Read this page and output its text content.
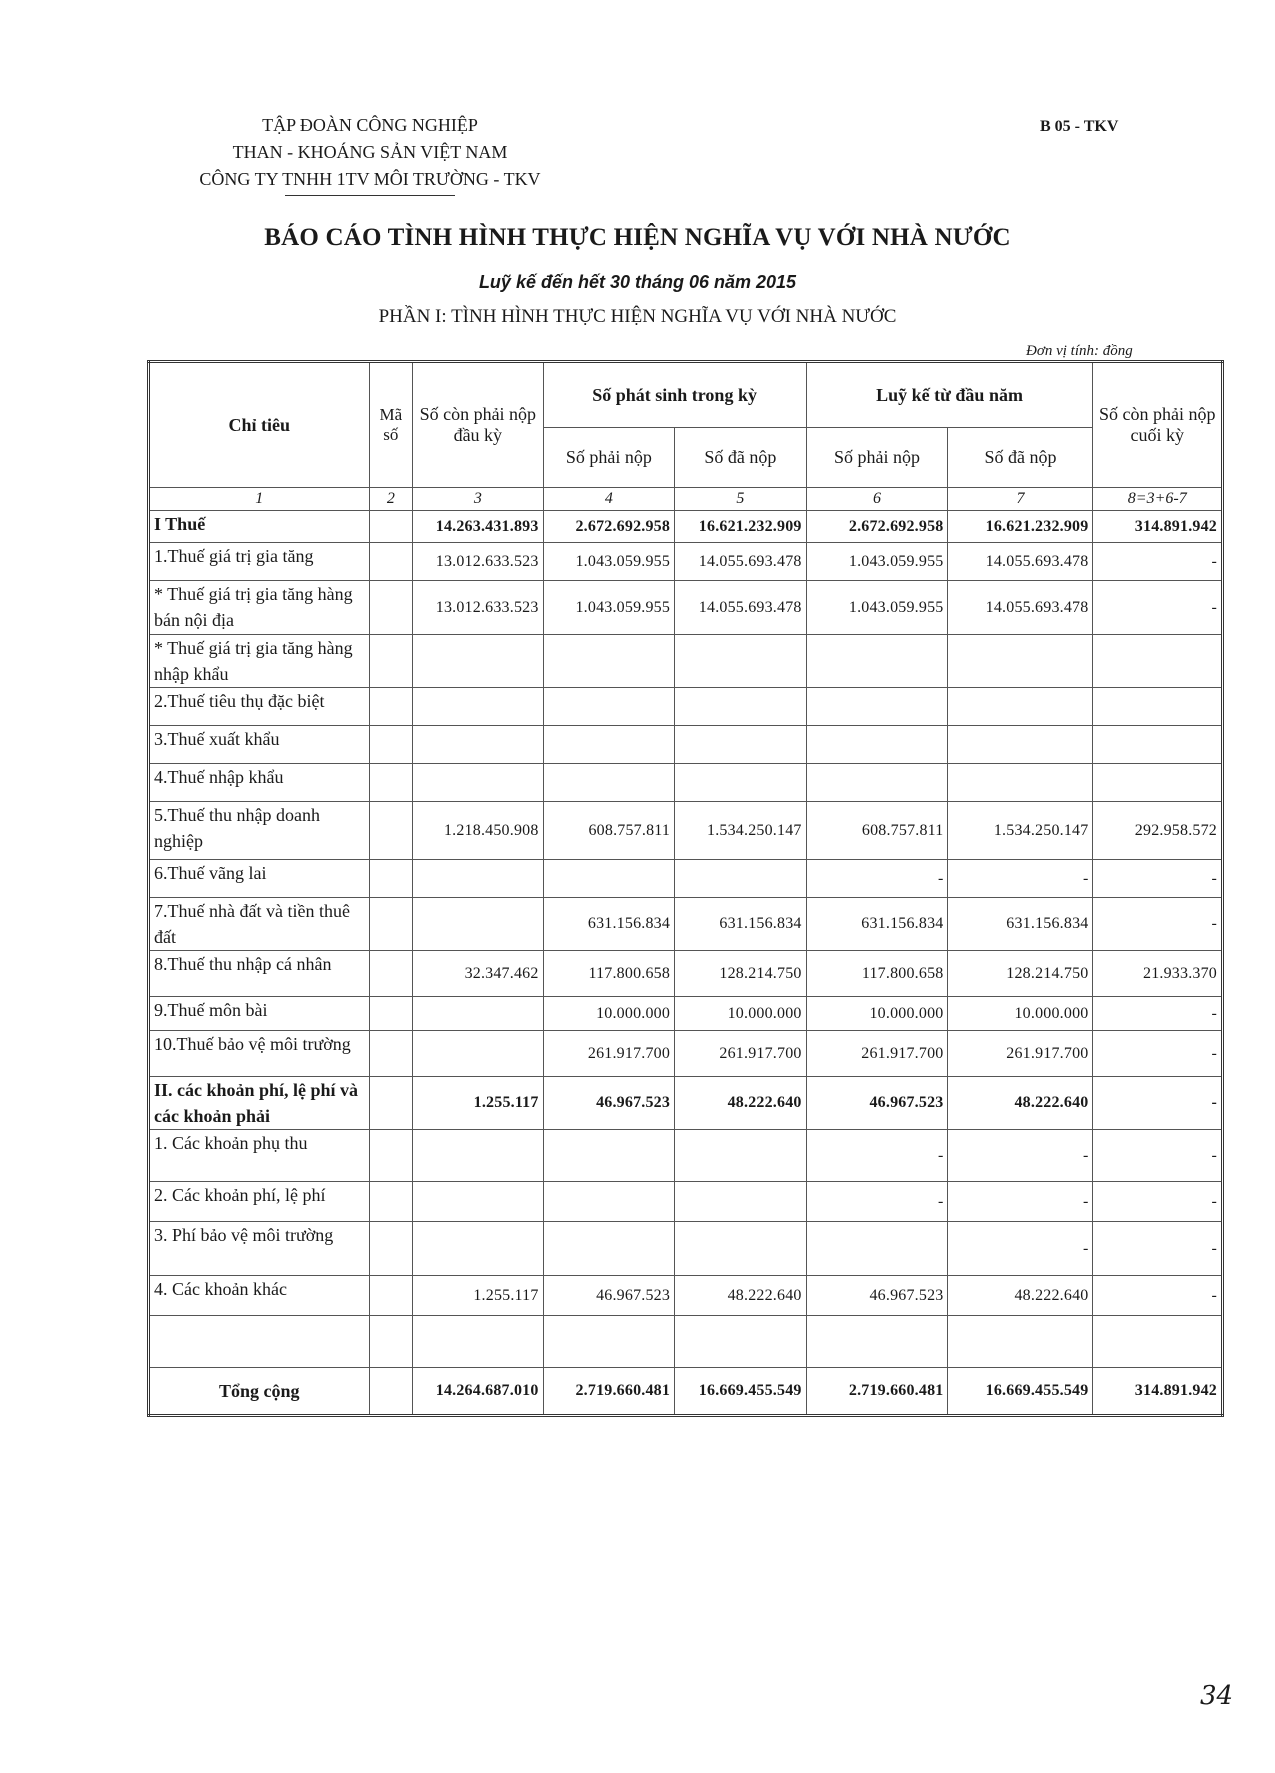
TẬP ĐOÀN CÔNG NGHIỆP
THAN - KHOÁNG SẢN VIỆT NAM
CÔNG TY TNHH 1TV MÔI TRƯỜNG - TKV
B 05 - TKV
BÁO CÁO TÌNH HÌNH THỰC HIỆN NGHĨA VỤ VỚI NHÀ NƯỚC
Luỹ kế đến hết 30 tháng 06 năm 2015
PHẦN I: TÌNH HÌNH THỰC HIỆN NGHĨA VỤ VỚI NHÀ NƯỚC
Đơn vị tính: đồng
Chỉ tiêu	Mã số	Số còn phải nộp đầu kỳ	Số phát sinh trong kỳ		Luỹ kế từ đầu năm		Số còn phải nộp cuối kỳ
			Số phải nộp	Số đã nộp	Số phải nộp	Số đã nộp	
1	2	3	4	5	6	7	8=3+6-7
I Thuế		14.263.431.893	2.672.692.958	16.621.232.909	2.672.692.958	16.621.232.909	314.891.942
1.Thuế giá trị gia tăng		13.012.633.523	1.043.059.955	14.055.693.478	1.043.059.955	14.055.693.478	-
* Thuế giá trị gia tăng hàng bán nội địa		13.012.633.523	1.043.059.955	14.055.693.478	1.043.059.955	14.055.693.478	-
* Thuế giá trị gia tăng hàng nhập khẩu							
2.Thuế tiêu thụ đặc biệt							
3.Thuế xuất khẩu							
4.Thuế nhập khẩu							
5.Thuế thu nhập doanh nghiệp		1.218.450.908	608.757.811	1.534.250.147	608.757.811	1.534.250.147	292.958.572
6.Thuế vãng lai					-	-	-
7.Thuế nhà đất và tiền thuê đất			631.156.834	631.156.834	631.156.834	631.156.834	-
8.Thuế thu nhập cá nhân		32.347.462	117.800.658	128.214.750	117.800.658	128.214.750	21.933.370
9.Thuế môn bài			10.000.000	10.000.000	10.000.000	10.000.000	-
10.Thuế bảo vệ môi trường			261.917.700	261.917.700	261.917.700	261.917.700	-
II. các khoản phí, lệ phí và các khoản phải		1.255.117	46.967.523	48.222.640	46.967.523	48.222.640	-
1. Các khoản phụ thu					-	-	-
2. Các khoản phí, lệ phí					-	-	-
3. Phí bảo vệ môi trường						-	-
4. Các khoản khác		1.255.117	46.967.523	48.222.640	46.967.523	48.222.640	-

Tổng cộng		14.264.687.010	2.719.660.481	16.669.455.549	2.719.660.481	16.669.455.549	314.891.942
34
